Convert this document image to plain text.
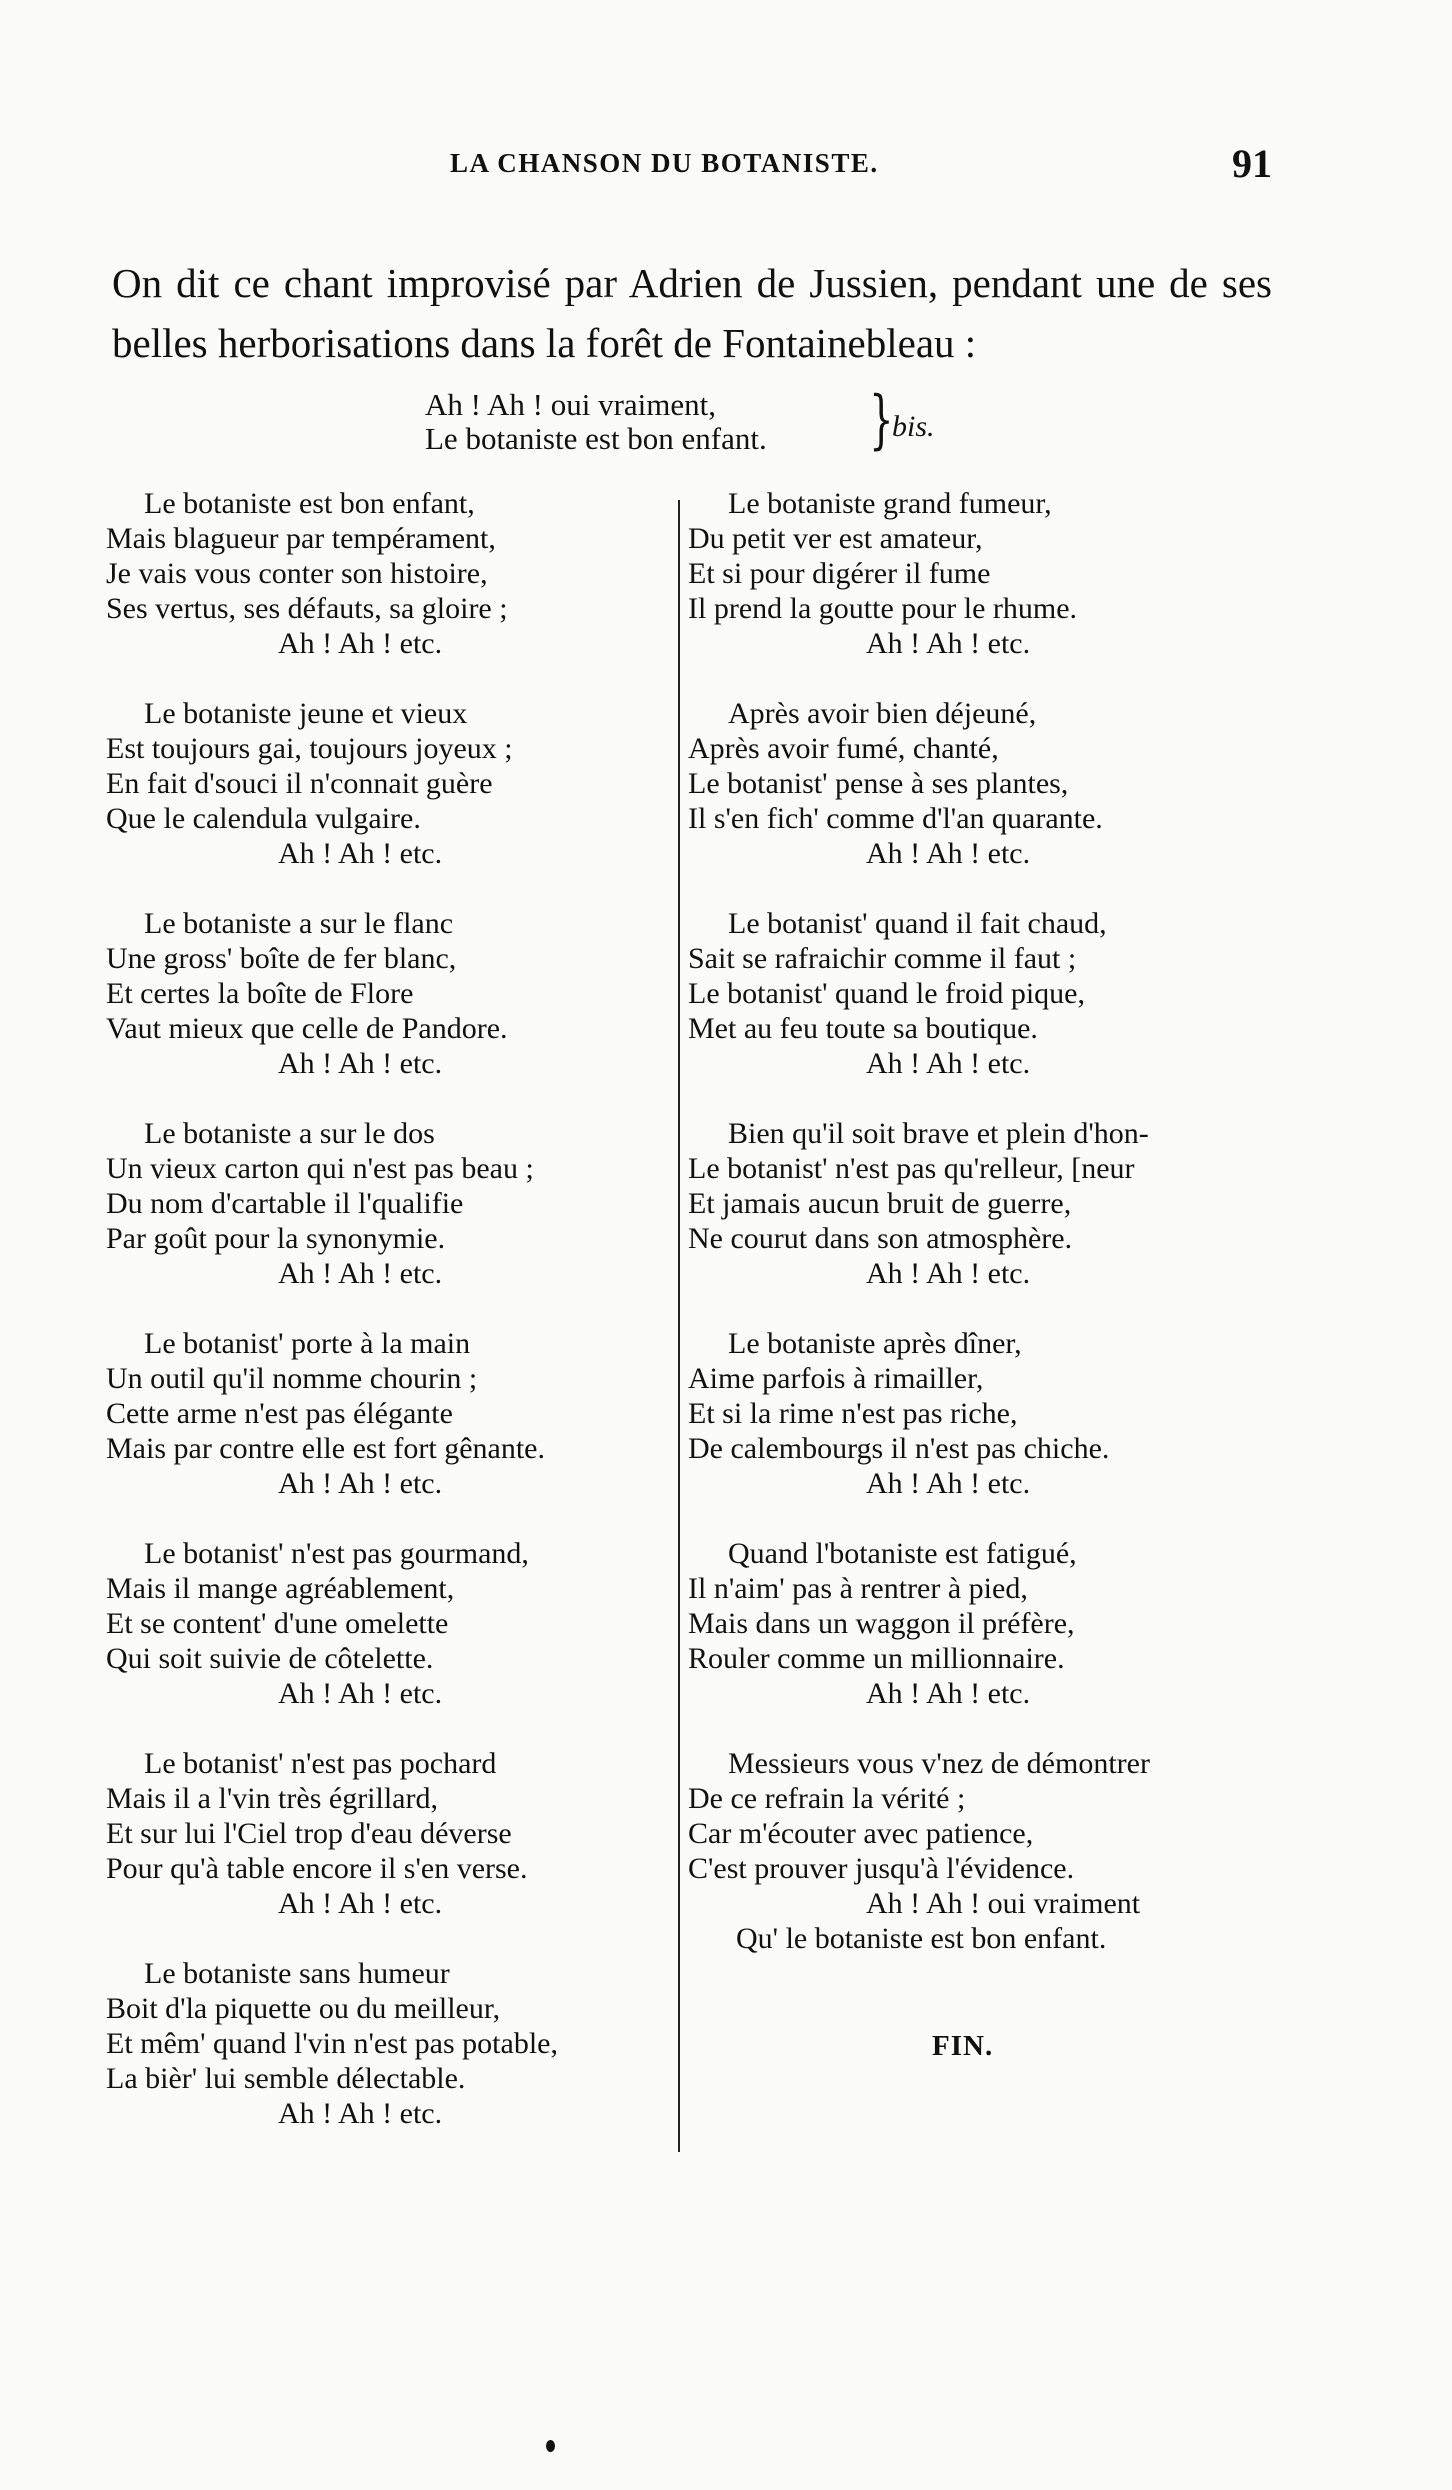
LA CHANSON DU BOTANISTE.	91

On dit ce chant improvisé par Adrien de Jussien, pendant une de ses belles herborisations dans la forêt de Fontainebleau :

Ah ! Ah ! oui vraiment,
Le botaniste est bon enfant. }
bis.
Le botaniste est bon enfant,
Mais blagueur par tempérament,
Je vais vous conter son histoire,
Ses vertus, ses défauts, sa gloire ;
Ah ! Ah ! etc.
Le botaniste jeune et vieux
Est toujours gai, toujours joyeux ;
En fait d'souci il n'connait guère
Que le calendula vulgaire.
Ah ! Ah ! etc.
Le botaniste a sur le flanc
Une gross' boîte de fer blanc,
Et certes la boîte de Flore
Vaut mieux que celle de Pandore.
Ah ! Ah ! etc.
Le botaniste a sur le dos
Un vieux carton qui n'est pas beau ;
Du nom d'cartable il l'qualifie
Par goût pour la synonymie.
Ah ! Ah ! etc.
Le botanist' porte à la main
Un outil qu'il nomme chourin ;
Cette arme n'est pas élégante
Mais par contre elle est fort gênante.
Ah ! Ah ! etc.
Le botanist' n'est pas gourmand,
Mais il mange agréablement,
Et se content' d'une omelette
Qui soit suivie de côtelette.
Ah ! Ah ! etc.
Le botanist' n'est pas pochard
Mais il a l'vin très égrillard,
Et sur lui l'Ciel trop d'eau déverse
Pour qu'à table encore il s'en verse.
Ah ! Ah ! etc.
Le botaniste sans humeur
Boit d'la piquette ou du meilleur,
Et mêm' quand l'vin n'est pas potable,
La bièr' lui semble délectable.
Ah ! Ah ! etc.
Le botaniste grand fumeur,
Du petit ver est amateur,
Et si pour digérer il fume
Il prend la goutte pour le rhume.
Ah ! Ah ! etc.
Après avoir bien déjeuné,
Après avoir fumé, chanté,
Le botanist' pense à ses plantes,
Il s'en fich' comme d'l'an quarante.
Ah ! Ah ! etc.
Le botanist' quand il fait chaud,
Sait se rafraichir comme il faut ;
Le botanist' quand le froid pique,
Met au feu toute sa boutique.
Ah ! Ah ! etc.
Bien qu'il soit brave et plein d'hon-
Le botanist' n'est pas qu'relleur, [neur
Et jamais aucun bruit de guerre,
Ne courut dans son atmosphère.
Ah ! Ah ! etc.
Le botaniste après dîner,
Aime parfois à rimailler,
Et si la rime n'est pas riche,
De calembourgs il n'est pas chiche.
Ah ! Ah ! etc.
Quand l'botaniste est fatigué,
Il n'aim' pas à rentrer à pied,
Mais dans un waggon il préfère,
Rouler comme un millionnaire.
Ah ! Ah ! etc.
Messieurs vous v'nez de démontrer
De ce refrain la vérité ;
Car m'écouter avec patience,
C'est prouver jusqu'à l'évidence.
Ah ! Ah ! oui vraiment
Qu' le botaniste est bon enfant.
FIN.
